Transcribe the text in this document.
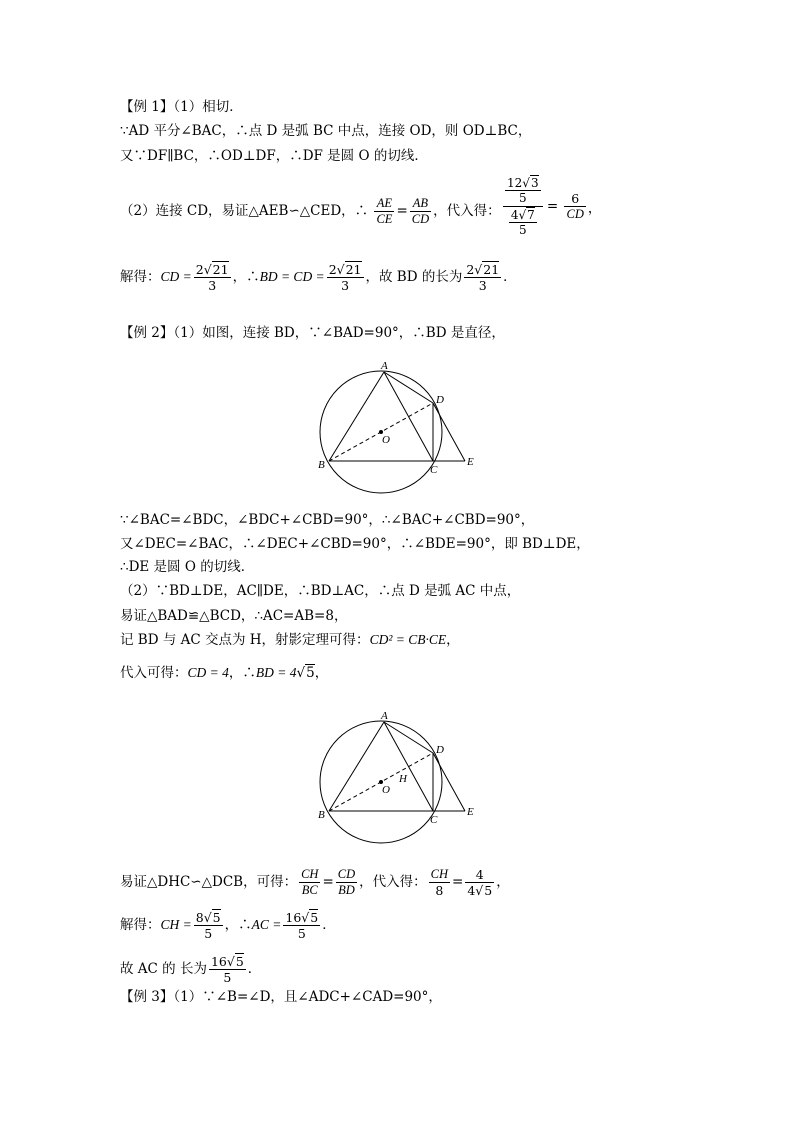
【例 1】（1）相切．
∵AD 平分∠BAC，∴点 D 是弧 BC 中点，连接 OD，则 OD⊥BC，
又∵DF∥BC，∴OD⊥DF，∴DF 是圆 O 的切线．
（2）连接 CD，易证△AEB∽△CED，∴ $\frac{AE}{CE} = \frac{AB}{CD}$ ，代入得： $\frac{\frac{12√3}{5}}{\frac{4√7}{5}} = \frac{6}{CD}$ ，
解得：CD = $\frac{2√21}{3}$ ，∴BD = CD = $\frac{2√21}{3}$ ，故 BD 的长为 $\frac{2√21}{3}$ ．
【例 2】（1）如图，连接 BD，∵∠BAD=90°，∴BD 是直径，
A
B	C
D
E
O
∵∠BAC=∠BDC，∠BDC+∠CBD=90°，∴∠BAC+∠CBD=90°，
又∠DEC=∠BAC，∴∠DEC+∠CBD=90°，∴∠BDE=90°，即 BD⊥DE，
∴DE 是圆 O 的切线．
（2）∵BD⊥DE，AC∥DE，∴BD⊥AC，∴点 D 是弧 AC 中点，
易证△BAD≌△BCD，∴AC=AB=8，
记 BD 与 AC 交点为 H，射影定理可得：CD² = CB·CE，
代入可得：CD = 4，∴BD = 4√5，
A
B	C
D
E
O
H
易证△DHC∽△DCB，可得： $\frac{CH}{BC} = \frac{CD}{BD}$ ，代入得： $\frac{CH}{8} = \frac{4}{4√5}$ ，
解得：CH = $\frac{8√5}{5}$ ，∴AC = $\frac{16√5}{5}$ ．
故 AC 的 长为 $\frac{16√5}{5}$ ．
【例 3】（1）∵∠B=∠D，且∠ADC+∠CAD=90°，
